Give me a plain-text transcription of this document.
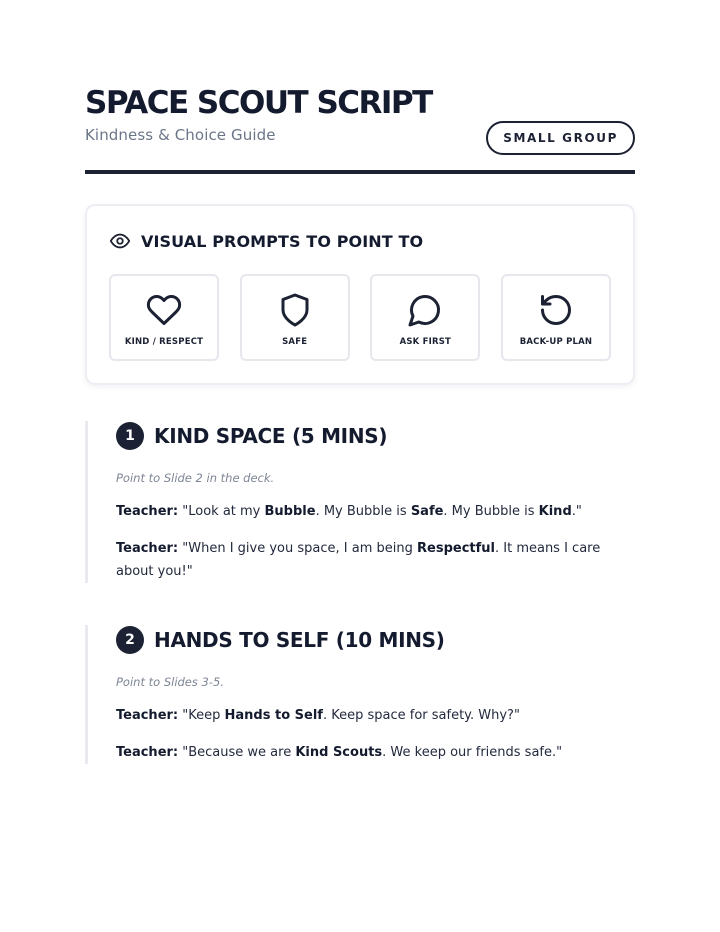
SPACE SCOUT SCRIPT
Kindness & Choice Guide	SMALL GROUP
VISUAL PROMPTS TO POINT TO
KIND / RESPECT	SAFE	ASK FIRST	BACK-UP PLAN
1 KIND SPACE (5 MINS)
Point to Slide 2 in the deck.
Teacher: "Look at my Bubble. My Bubble is Safe. My Bubble is Kind."
Teacher: "When I give you space, I am being Respectful. It means I care about you!"
2 HANDS TO SELF (10 MINS)
Point to Slides 3-5.
Teacher: "Keep Hands to Self. Keep space for safety. Why?"
Teacher: "Because we are Kind Scouts. We keep our friends safe."
